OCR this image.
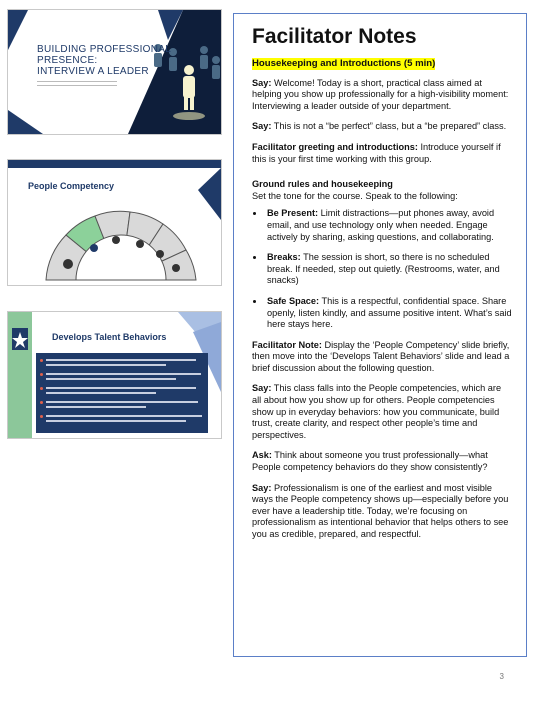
BUILDING PROFESSIONAL
PRESENCE:
INTERVIEW A LEADER
People Competency
Develops Talent Behaviors
Facilitator Notes
Housekeeping and Introductions (5 min)
Say: Welcome! Today is a short, practical class aimed at helping you show up professionally for a high-visibility moment: Interviewing a leader outside of your department.
Say: This is not a “be perfect” class, but a “be prepared” class.
Facilitator greeting and introductions: Introduce yourself if this is your first time working with this group.
Ground rules and housekeeping
Set the tone for the course. Speak to the following:
• Be Present: Limit distractions—put phones away, avoid email, and use technology only when needed. Engage actively by sharing, asking questions, and collaborating.
• Breaks: The session is short, so there is no scheduled break. If needed, step out quietly. (Restrooms, water, and snacks)
• Safe Space: This is a respectful, confidential space. Share openly, listen kindly, and assume positive intent. What’s said here stays here.
Facilitator Note: Display the ‘People Competency’ slide briefly, then move into the ‘Develops Talent Behaviors’ slide and lead a brief discussion about the following question.
Say: This class falls into the People competencies, which are all about how you show up for others. People competencies show up in everyday behaviors: how you communicate, build trust, create clarity, and respect other people’s time and perspectives.
Ask: Think about someone you trust professionally—what People competency behaviors do they show consistently?
Say: Professionalism is one of the earliest and most visible ways the People competency shows up—especially before you ever have a leadership title. Today, we’re focusing on professionalism as intentional behavior that helps others to see you as credible, prepared, and respectful.
3
